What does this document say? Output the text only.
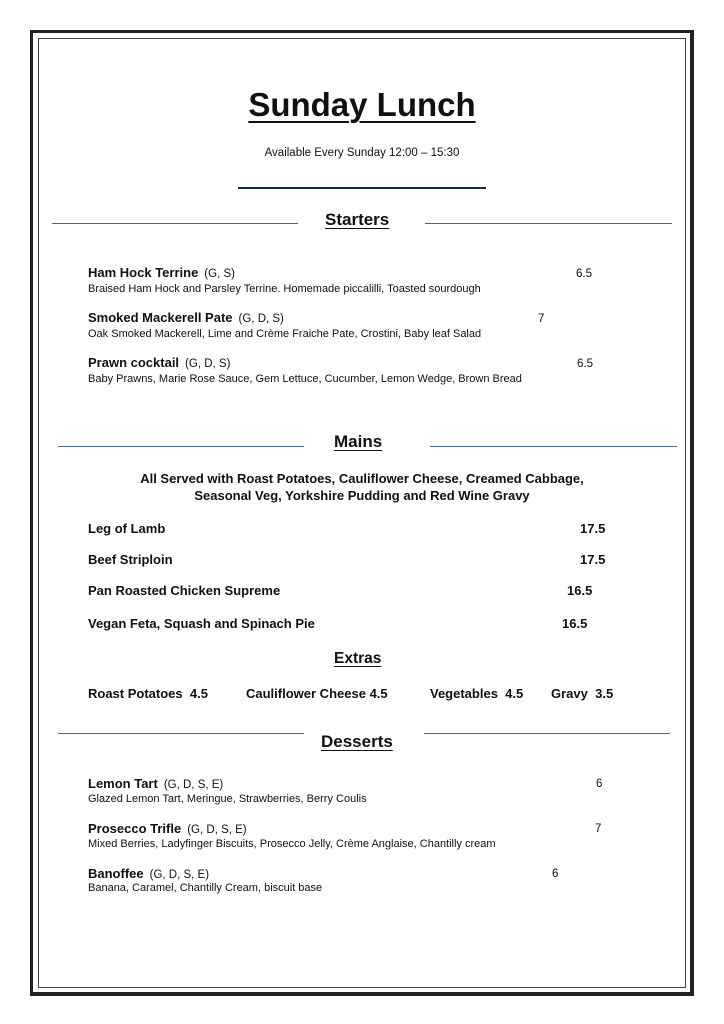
Sunday Lunch
Available Every Sunday 12:00 – 15:30
Starters
Ham Hock Terrine (G, S)	6.5
Braised Ham Hock and Parsley Terrine. Homemade piccalilli, Toasted sourdough
Smoked Mackerell Pate (G, D, S)	7
Oak Smoked Mackerell, Lime and Crème Fraiche Pate, Crostini, Baby leaf Salad
Prawn cocktail (G, D, S)	6.5
Baby Prawns, Marie Rose Sauce, Gem Lettuce, Cucumber, Lemon Wedge, Brown Bread
Mains
All Served with Roast Potatoes, Cauliflower Cheese, Creamed Cabbage,
Seasonal Veg, Yorkshire Pudding and Red Wine Gravy
Leg of Lamb	17.5
Beef Striploin	17.5
Pan Roasted Chicken Supreme	16.5
Vegan Feta, Squash and Spinach Pie	16.5
Extras
Roast Potatoes 4.5	Cauliflower Cheese 4.5	Vegetables 4.5 Gravy 3.5
Desserts
Lemon Tart (G, D, S, E)	6
Glazed Lemon Tart, Meringue, Strawberries, Berry Coulis
Prosecco Trifle (G, D, S, E)	7
Mixed Berries, Ladyfinger Biscuits, Prosecco Jelly, Crème Anglaise, Chantilly cream
Banoffee (G, D, S, E)	6
Banana, Caramel, Chantilly Cream, biscuit base
